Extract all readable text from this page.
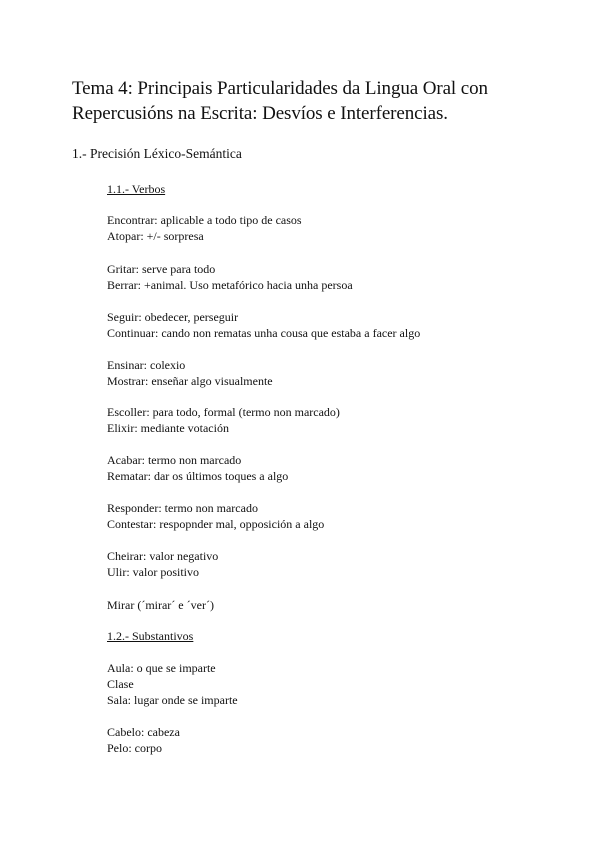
Tema 4: Principais Particularidades da Lingua Oral con
Repercusións na Escrita: Desvíos e Interferencias.
1.- Precisión Léxico-Semántica
1.1.- Verbos
Encontrar: aplicable a todo tipo de casos
Atopar: +/- sorpresa
Gritar: serve para todo
Berrar: +animal. Uso metafórico hacia unha persoa
Seguir: obedecer, perseguir
Continuar: cando non rematas unha cousa que estaba a facer algo
Ensinar: colexio
Mostrar: enseñar algo visualmente
Escoller: para todo, formal (termo non marcado)
Elixir: mediante votación
Acabar: termo non marcado
Rematar: dar os últimos toques a algo
Responder: termo non marcado
Contestar: respopnder mal, opposición a algo
Cheirar: valor negativo
Ulir: valor positivo
Mirar (´mirar´ e ´ver´)
1.2.- Substantivos
Aula: o que se imparte
Clase
Sala: lugar onde se imparte
Cabelo: cabeza
Pelo: corpo
